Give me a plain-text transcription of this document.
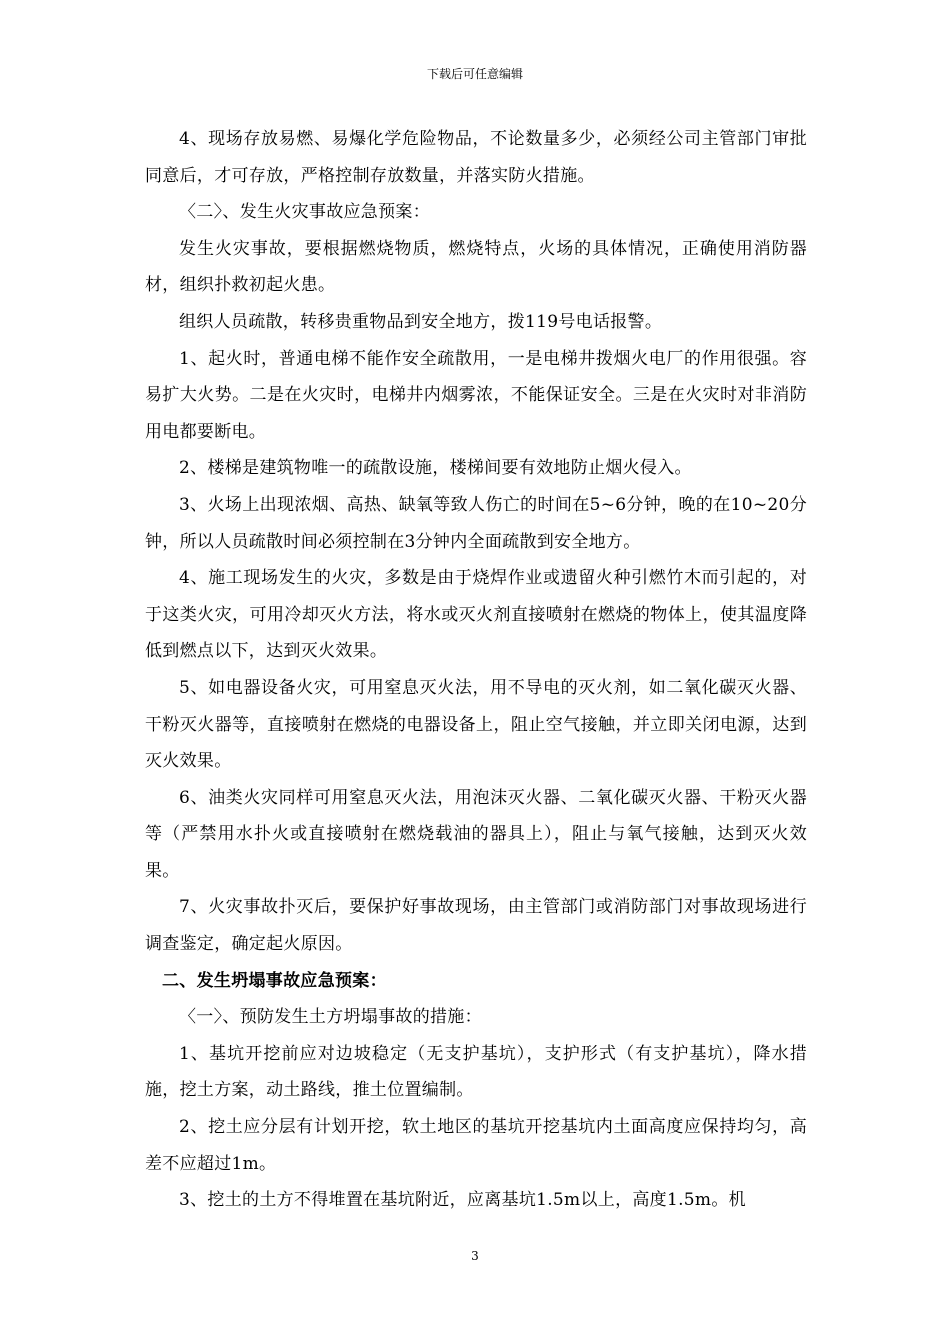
下载后可任意编辑

4、现场存放易燃、易爆化学危险物品，不论数量多少，必须经公司主管部门审批同意后，才可存放，严格控制存放数量，并落实防火措施。

〈二〉、发生火灾事故应急预案：

发生火灾事故，要根据燃烧物质，燃烧特点，火场的具体情况，正确使用消防器材，组织扑救初起火患。

组织人员疏散，转移贵重物品到安全地方，拨119号电话报警。

1、起火时，普通电梯不能作安全疏散用，一是电梯井拨烟火电厂的作用很强。容易扩大火势。二是在火灾时，电梯井内烟雾浓，不能保证安全。三是在火灾时对非消防用电都要断电。

2、楼梯是建筑物唯一的疏散设施，楼梯间要有效地防止烟火侵入。

3、火场上出现浓烟、高热、缺氧等致人伤亡的时间在5~6分钟，晚的在10~20分钟，所以人员疏散时间必须控制在3分钟内全面疏散到安全地方。

4、施工现场发生的火灾，多数是由于烧焊作业或遗留火种引燃竹木而引起的，对于这类火灾，可用冷却灭火方法，将水或灭火剂直接喷射在燃烧的物体上，使其温度降低到燃点以下，达到灭火效果。

5、如电器设备火灾，可用窒息灭火法，用不导电的灭火剂，如二氧化碳灭火器、干粉灭火器等，直接喷射在燃烧的电器设备上，阻止空气接触，并立即关闭电源，达到灭火效果。

6、油类火灾同样可用窒息灭火法，用泡沫灭火器、二氧化碳灭火器、干粉灭火器等（严禁用水扑火或直接喷射在燃烧载油的器具上），阻止与氧气接触，达到灭火效果。

7、火灾事故扑灭后，要保护好事故现场，由主管部门或消防部门对事故现场进行调查鉴定，确定起火原因。

二、发生坍塌事故应急预案：

〈一〉、预防发生土方坍塌事故的措施：

1、基坑开挖前应对边坡稳定（无支护基坑），支护形式（有支护基坑），降水措施，挖土方案，动土路线，推土位置编制。

2、挖土应分层有计划开挖，软土地区的基坑开挖基坑内土面高度应保持均匀，高差不应超过1m。

3、挖土的土方不得堆置在基坑附近，应离基坑1.5m以上，高度1.5m。机

3
